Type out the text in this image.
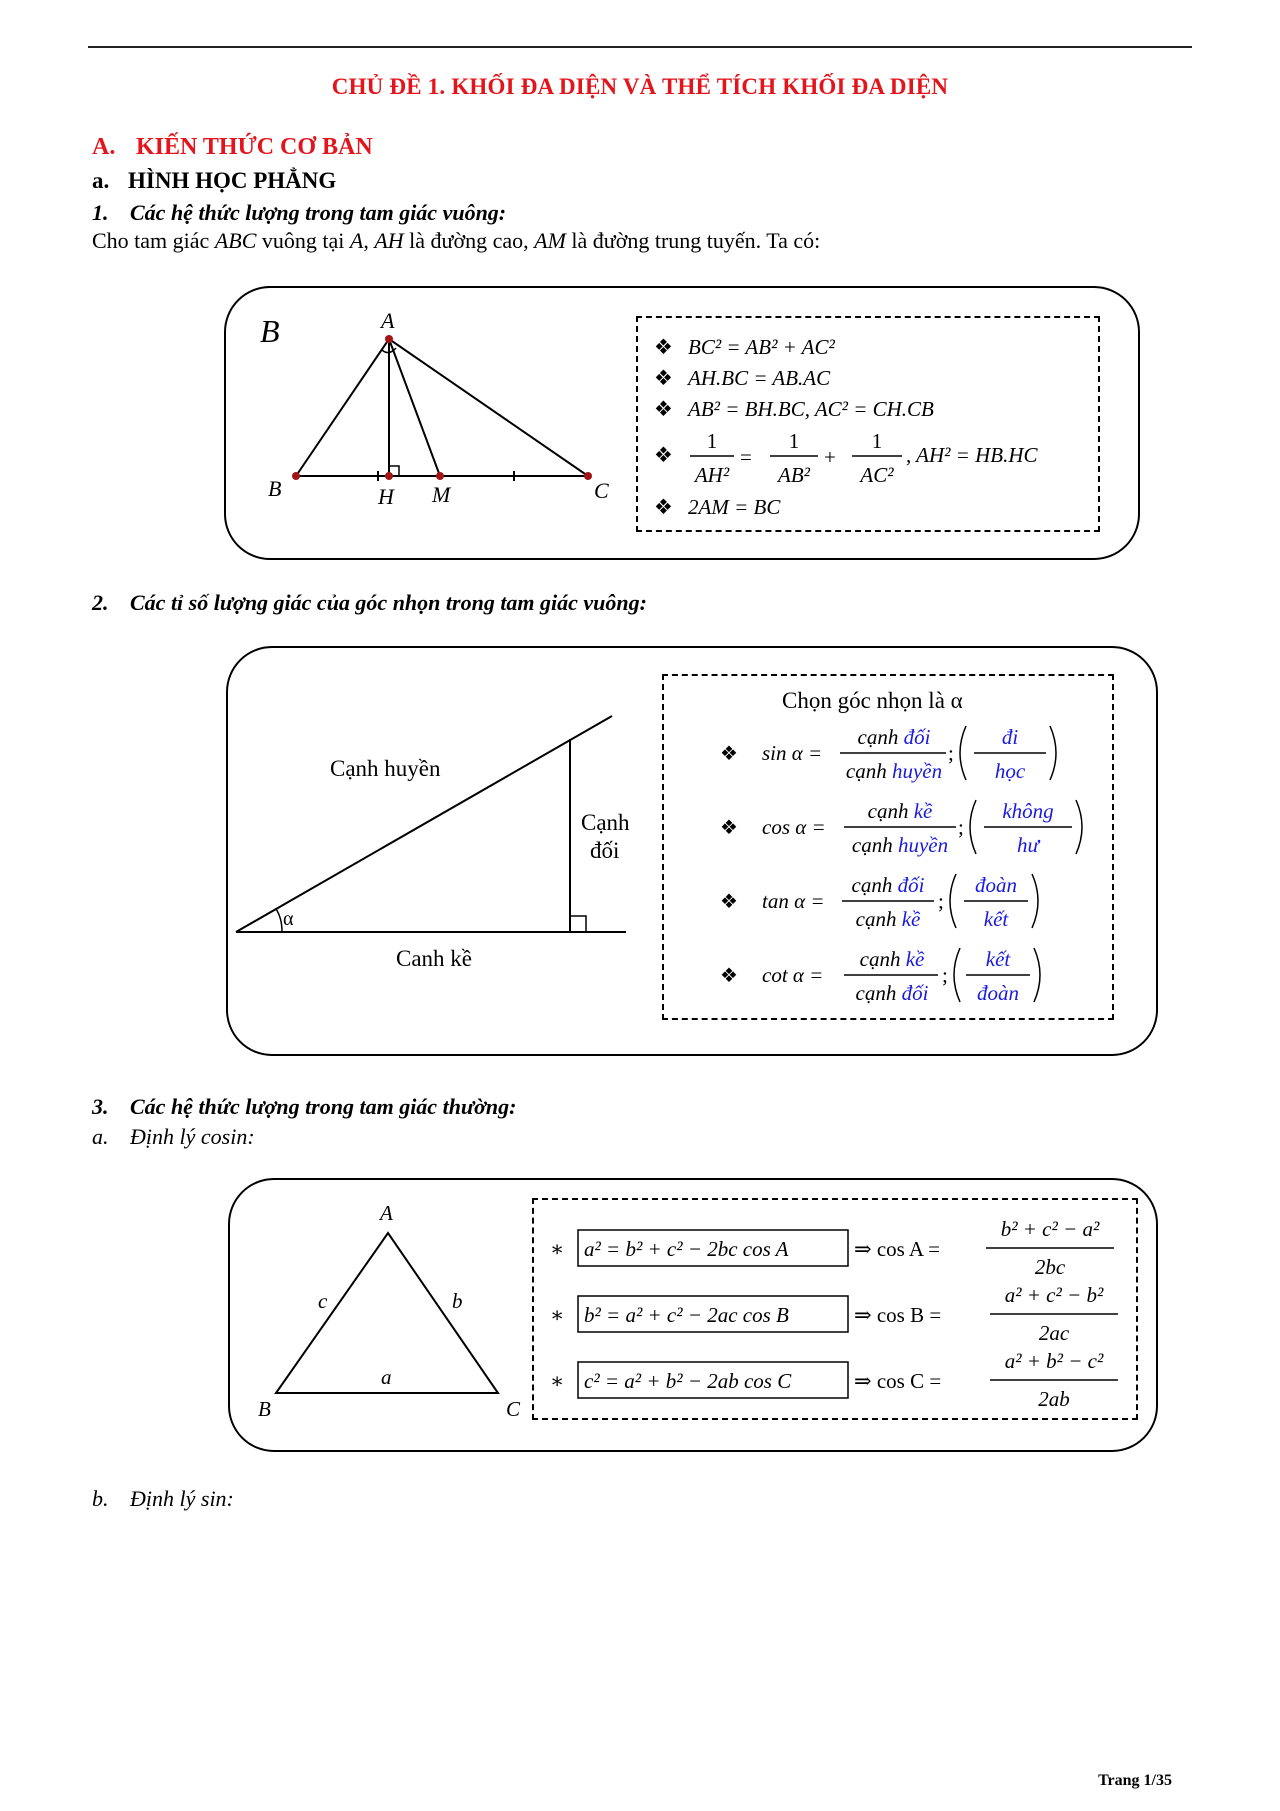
CHỦ ĐỀ 1. KHỐI ĐA DIỆN VÀ THỂ TÍCH KHỐI ĐA DIỆN
A. KIẾN THỨC CƠ BẢN
a. HÌNH HỌC PHẲNG
1. Các hệ thức lượng trong tam giác vuông:
Cho tam giác ABC vuông tại A, AH là đường cao, AM là đường trung tuyến. Ta có:
B	A
B	C
H M
❖ BC² = AB² + AC²
❖ AH.BC = AB.AC
❖ AB² = BH.BC, AC² = CH.CB
❖
1
AH²
=
1
AB²
+
1
AC²
, AH² = HB.HC
❖ 2AM = BC
2. Các tỉ số lượng giác của góc nhọn trong tam giác vuông:
α
Cạnh huyền
Cạnh
đối
Canh kề
Chọn góc nhọn là α
❖ sin α =
cạnh đối
cạnh huyền
;
đi
học
❖ cos α =
cạnh kề
cạnh huyền
;
không
hư
❖ tan α =
cạnh đối
cạnh kề
;
đoàn
kết
❖ cot α =
cạnh kề
cạnh đối
;
kết
đoàn
3. Các hệ thức lượng trong tam giác thường:
a. Định lý cosin:
A
B	C
a
b
c
∗ a² = b² + c² − 2bc cos A	⇒ cos A =
b² + c² − a²
2bc
∗ b² = a² + c² − 2ac cos B	⇒ cos B =
a² + c² − b²
2ac
∗ c² = a² + b² − 2ab cos C	⇒ cos C =
a² + b² − c²
2ab
b. Định lý sin:
Trang 1/35
